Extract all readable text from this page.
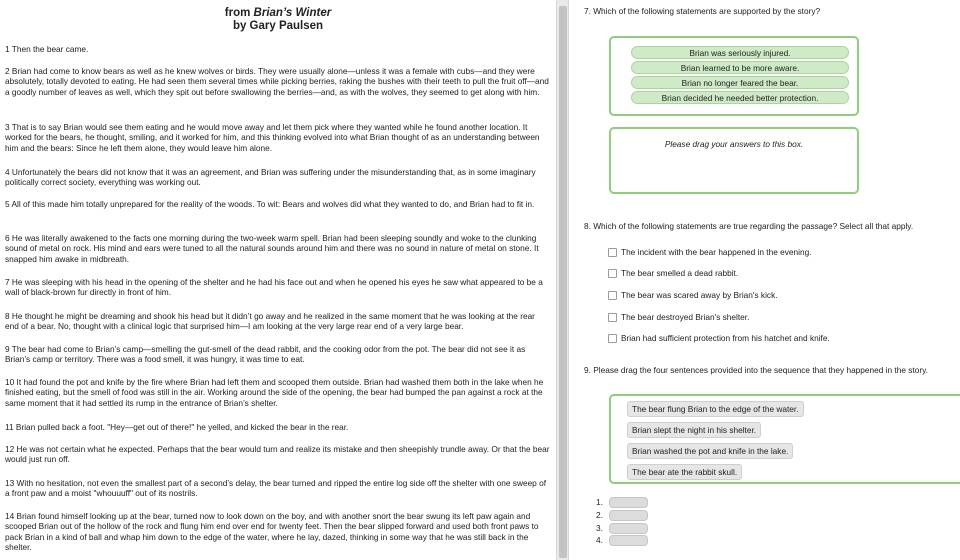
from Brian’s Winter
by Gary Paulsen
1 Then the bear came.
2 Brian had come to know bears as well as he knew wolves or birds. They were usually alone—unless it was a female with cubs—and they were absolutely, totally devoted to eating. He had seen them several times while picking berries, raking the bushes with their teeth to pull the fruit off—and a goodly number of leaves as well, which they spit out before swallowing the berries—and, as with the wolves, they seemed to get along with him.
3 That is to say Brian would see them eating and he would move away and let them pick where they wanted while he found another location. It worked for the bears, he thought, smiling, and it worked for him, and this thinking evolved into what Brian thought of as an understanding between him and the bears: Since he left them alone, they would leave him alone.
4 Unfortunately the bears did not know that it was an agreement, and Brian was suffering under the misunderstanding that, as in some imaginary politically correct society, everything was working out.
5 All of this made him totally unprepared for the reality of the woods. To wit: Bears and wolves did what they wanted to do, and Brian had to fit in.
6 He was literally awakened to the facts one morning during the two-week warm spell. Brian had been sleeping soundly and woke to the clunking sound of metal on rock. His mind and ears were tuned to all the natural sounds around him and there was no sound in nature of metal on stone. It snapped him awake in midbreath.
7 He was sleeping with his head in the opening of the shelter and he had his face out and when he opened his eyes he saw what appeared to be a wall of black-brown fur directly in front of him.
8 He thought he might be dreaming and shook his head but it didn’t go away and he realized in the same moment that he was looking at the rear end of a bear. No, thought with a clinical logic that surprised him—I am looking at the very large rear end of a very large bear.
9 The bear had come to Brian’s camp—smelling the gut-smell of the dead rabbit, and the cooking odor from the pot. The bear did not see it as Brian’s camp or territory. There was a food smell, it was hungry, it was time to eat.
10 It had found the pot and knife by the fire where Brian had left them and scooped them outside. Brian had washed them both in the lake when he finished eating, but the smell of food was still in the air. Working around the side of the opening, the bear had bumped the pan against a rock at the same moment that it had settled its rump in the entrance of Brian’s shelter.
11 Brian pulled back a foot. "Hey—get out of there!" he yelled, and kicked the bear in the rear.
12 He was not certain what he expected. Perhaps that the bear would turn and realize its mistake and then sheepishly trundle away. Or that the bear would just run off.
13 With no hesitation, not even the smallest part of a second’s delay, the bear turned and ripped the entire log side off the shelter with one sweep of a front paw and a moist "whouuuff" out of its nostrils.
14 Brian found himself looking up at the bear, turned now to look down on the boy, and with another snort the bear swung its left paw again and scooped Brian out of the hollow of the rock and flung him end over end for twenty feet. Then the bear slipped forward and used both front paws to pack Brian in a kind of ball and whap him down to the edge of the water, where he lay, dazed, thinking in some way that he was still back in the shelter.
7. Which of the following statements are supported by the story?
Brian was seriously injured.
Brian learned to be more aware.
Brian no longer feared the bear.
Brian decided he needed better protection.
Please drag your answers to this box.
8. Which of the following statements are true regarding the passage? Select all that apply.
The incident with the bear happened in the evening.
The bear smelled a dead rabbit.
The bear was scared away by Brian's kick.
The bear destroyed Brian's shelter.
Brian had sufficient protection from his hatchet and knife.
9. Please drag the four sentences provided into the sequence that they happened in the story.
The bear flung Brian to the edge of the water.
Brian slept the night in his shelter.
Brian washed the pot and knife in the lake.
The bear ate the rabbit skull.
1.
2.
3.
4.
